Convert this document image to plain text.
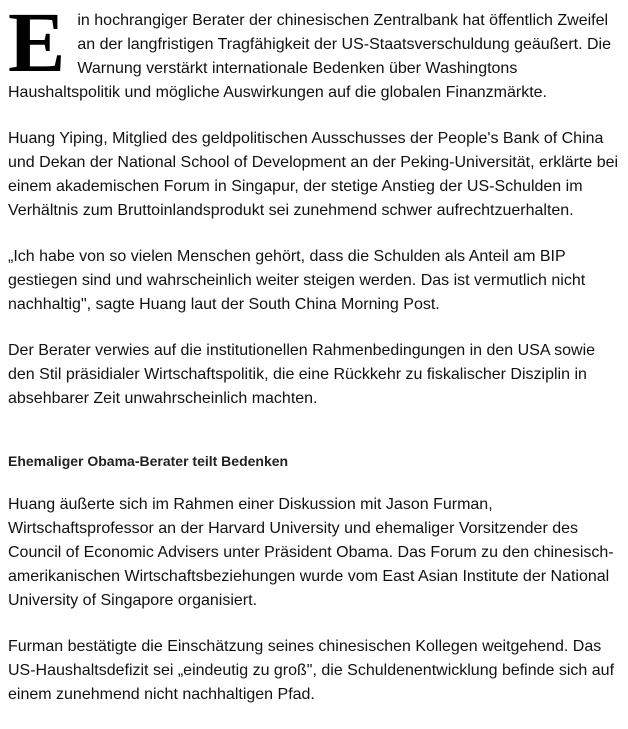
Ein hochrangiger Berater der chinesischen Zentralbank hat öffentlich Zweifel an der langfristigen Tragfähigkeit der US-Staatsverschuldung geäußert. Die Warnung verstärkt internationale Bedenken über Washingtons Haushaltspolitik und mögliche Auswirkungen auf die globalen Finanzmärkte.

Huang Yiping, Mitglied des geldpolitischen Ausschusses der People's Bank of China und Dekan der National School of Development an der Peking-Universität, erklärte bei einem akademischen Forum in Singapur, der stetige Anstieg der US-Schulden im Verhältnis zum Bruttoinlandsprodukt sei zunehmend schwer aufrechtzuerhalten.

„Ich habe von so vielen Menschen gehört, dass die Schulden als Anteil am BIP gestiegen sind und wahrscheinlich weiter steigen werden. Das ist vermutlich nicht nachhaltig", sagte Huang laut der South China Morning Post.

Der Berater verwies auf die institutionellen Rahmenbedingungen in den USA sowie den Stil präsidialer Wirtschaftspolitik, die eine Rückkehr zu fiskalischer Disziplin in absehbarer Zeit unwahrscheinlich machten.

Ehemaliger Obama-Berater teilt Bedenken

Huang äußerte sich im Rahmen einer Diskussion mit Jason Furman, Wirtschaftsprofessor an der Harvard University und ehemaliger Vorsitzender des Council of Economic Advisers unter Präsident Obama. Das Forum zu den chinesisch-amerikanischen Wirtschaftsbeziehungen wurde vom East Asian Institute der National University of Singapore organisiert.

Furman bestätigte die Einschätzung seines chinesischen Kollegen weitgehend. Das US-Haushaltsdefizit sei „eindeutig zu groß", die Schuldenentwicklung befinde sich auf einem zunehmend nicht nachhaltigen Pfad.
